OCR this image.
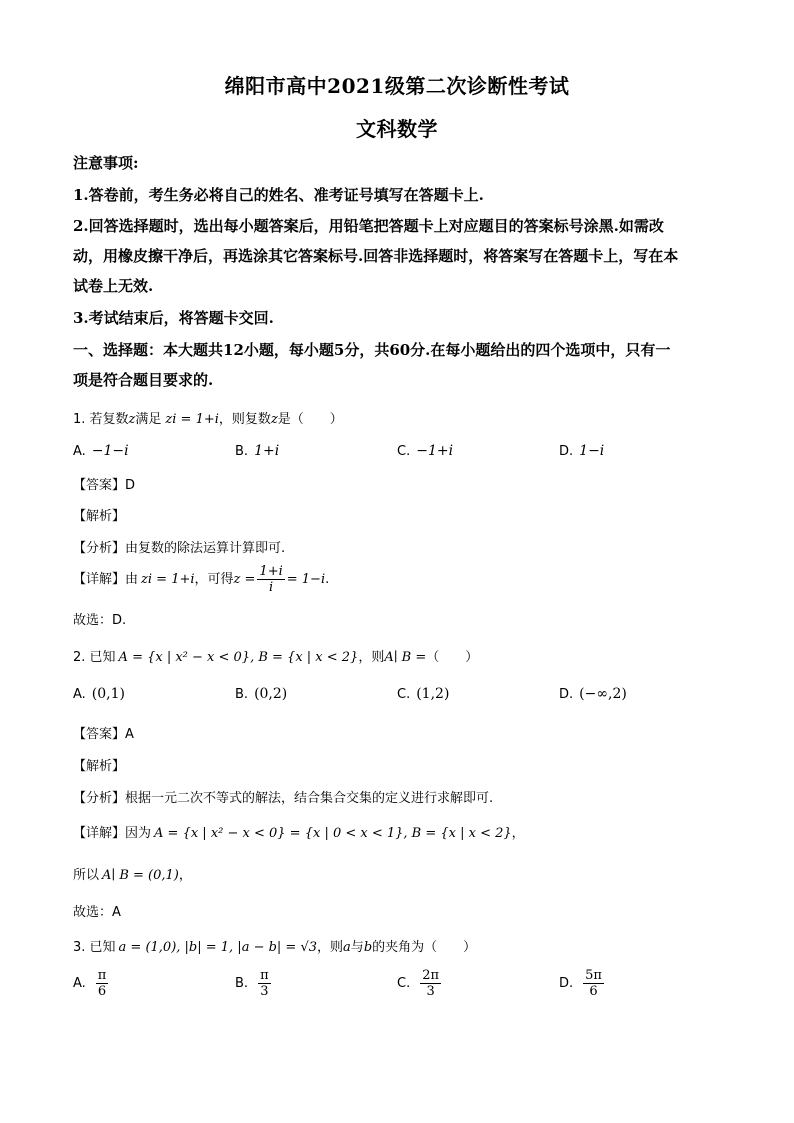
绵阳市高中2021级第二次诊断性考试
文科数学
注意事项:
1.答卷前，考生务必将自己的姓名、准考证号填写在答题卡上.
2.回答选择题时，选出每小题答案后，用铅笔把答题卡上对应题目的答案标号涂黑.如需改
动，用橡皮擦干净后，再选涂其它答案标号.回答非选择题时，将答案写在答题卡上，写在本
试卷上无效.
3.考试结束后，将答题卡交回.
一、选择题：本大题共12小题，每小题5分，共60分.在每小题给出的四个选项中，只有一
项是符合题目要求的.
1. 若复数z满足 zi = 1+i，则复数z是（　　）
A. −1−i	B. 1+i	C. −1+i	D. 1−i
【答案】D
【解析】
【分析】由复数的除法运算计算即可.
【详解】由 zi = 1+i，可得$z = \frac{1+i}{i} = 1-i$.
故选：D.
2. 已知 A = {x | x² − x < 0}, B = {x | x < 2}，则A∣ B =（　　）
A. (0,1)	B. (0,2)	C. (1,2)	D. (−∞,2)
【答案】A
【解析】
【分析】根据一元二次不等式的解法，结合集合交集的定义进行求解即可.
【详解】因为 A = {x | x² − x < 0} = {x | 0 < x < 1}, B = {x | x < 2}，
所以 A∣ B = (0,1)，
故选：A
3. 已知 a = (1,0), |b| = 1, |a − b| = √3，则a与b的夹角为（　　）
A. $\frac{\pi}{6}$	B. $\frac{\pi}{3}$	C. $\frac{2\pi}{3}$	D. $\frac{5\pi}{6}$
